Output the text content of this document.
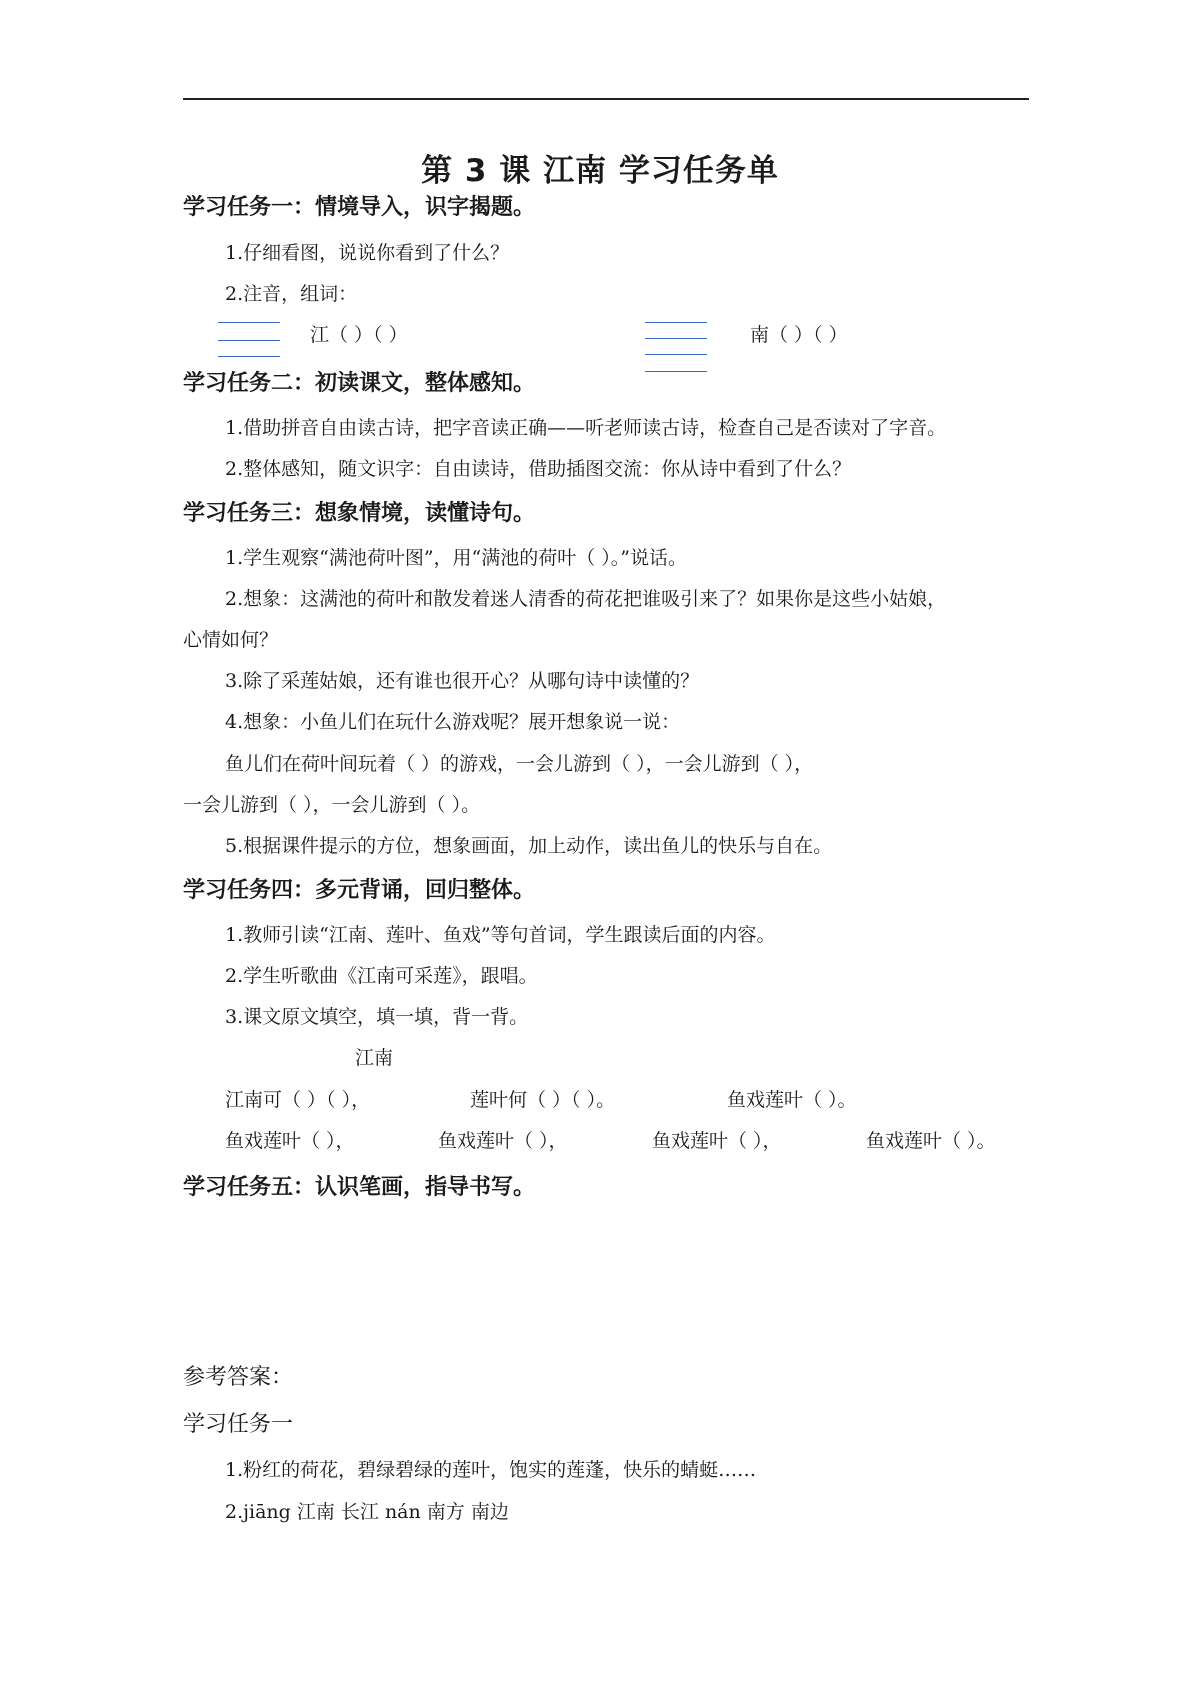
第 3 课 江南 学习任务单
学习任务一：情境导入，识字揭题。
1.仔细看图，说说你看到了什么？
2.注音，组词：
江（ ）（ ）	南（ ）（ ）
学习任务二：初读课文，整体感知。
1.借助拼音自由读古诗，把字音读正确——听老师读古诗，检查自己是否读对了字音。
2.整体感知，随文识字：自由读诗，借助插图交流：你从诗中看到了什么？
学习任务三：想象情境，读懂诗句。
1.学生观察“满池荷叶图”，用“满池的荷叶（ ）。”说话。
2.想象：这满池的荷叶和散发着迷人清香的荷花把谁吸引来了？如果你是这些小姑娘，
心情如何？
3.除了采莲姑娘，还有谁也很开心？从哪句诗中读懂的？
4.想象：小鱼儿们在玩什么游戏呢？展开想象说一说：
鱼儿们在荷叶间玩着（ ）的游戏，一会儿游到（ ），一会儿游到（ ），
一会儿游到（ ），一会儿游到（ ）。
5.根据课件提示的方位，想象画面，加上动作，读出鱼儿的快乐与自在。
学习任务四：多元背诵，回归整体。
1.教师引读“江南、莲叶、鱼戏”等句首词，学生跟读后面的内容。
2.学生听歌曲《江南可采莲》，跟唱。
3.课文原文填空，填一填，背一背。
江南
江南可（ ）（ ），	莲叶何（ ）（ ）。	鱼戏莲叶（ ）。
鱼戏莲叶（ ），	鱼戏莲叶（ ），	鱼戏莲叶（ ），	鱼戏莲叶（ ）。
学习任务五：认识笔画，指导书写。
参考答案：
学习任务一
1.粉红的荷花，碧绿碧绿的莲叶，饱实的莲蓬，快乐的蜻蜓……
2.jiāng 江南 长江 nán 南方 南边
